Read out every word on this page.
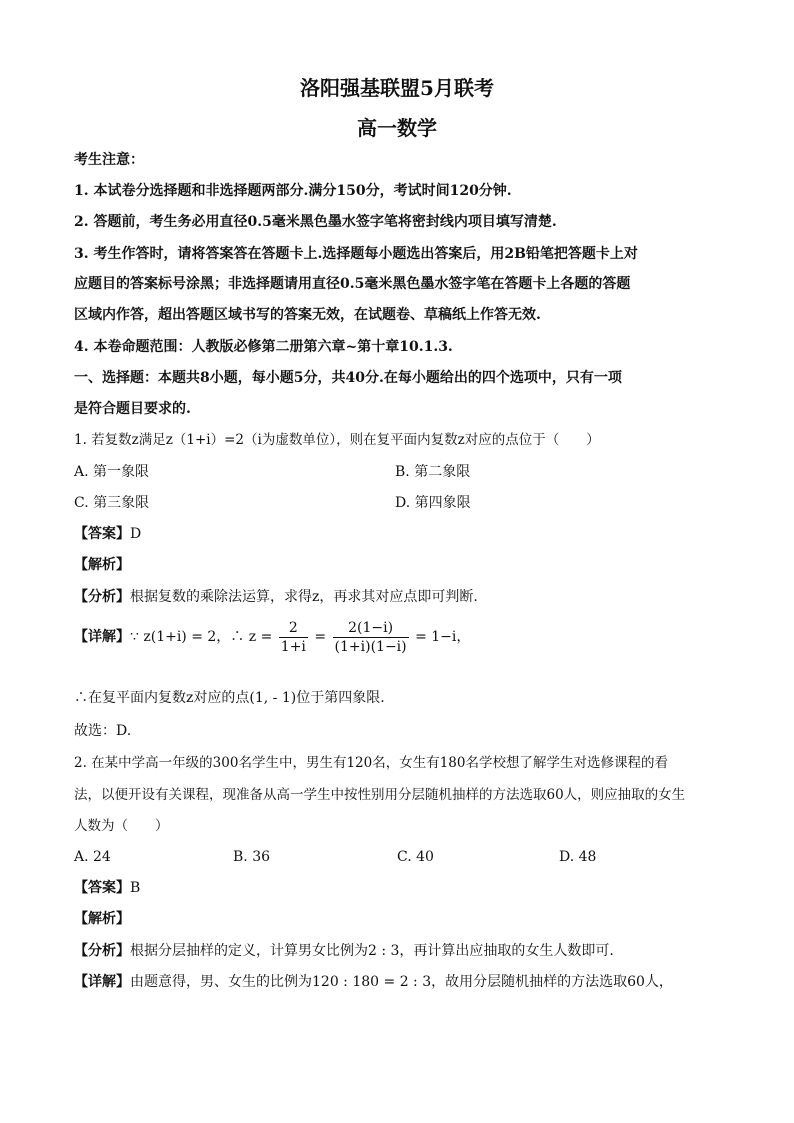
洛阳强基联盟5月联考
高一数学
考生注意：
1. 本试卷分选择题和非选择题两部分.满分150分，考试时间120分钟.
2. 答题前，考生务必用直径0.5毫米黑色墨水签字笔将密封线内项目填写清楚.
3. 考生作答时，请将答案答在答题卡上.选择题每小题选出答案后，用2B铅笔把答题卡上对
应题目的答案标号涂黑；非选择题请用直径0.5毫米黑色墨水签字笔在答题卡上各题的答题
区域内作答，超出答题区域书写的答案无效，在试题卷、草稿纸上作答无效.
4. 本卷命题范围：人教版必修第二册第六章~第十章10.1.3.
一、选择题：本题共8小题，每小题5分，共40分.在每小题给出的四个选项中，只有一项
是符合题目要求的.
1. 若复数z满足z（1+i）=2（i为虚数单位），则在复平面内复数z对应的点位于（　　）
A. 第一象限	B. 第二象限
C. 第三象限	D. 第四象限
【答案】D
【解析】
【分析】根据复数的乘除法运算，求得z，再求其对应点即可判断.
【详解】∵ z(1+i) = 2，∴ $z = \frac{2}{1+i} = \frac{2(1-i)}{(1+i)(1-i)} = 1-i$，
∴在复平面内复数z对应的点(1, - 1)位于第四象限.
故选：D.
2. 在某中学高一年级的300名学生中，男生有120名，女生有180名学校想了解学生对选修课程的看
法，以便开设有关课程，现准备从高一学生中按性别用分层随机抽样的方法选取60人，则应抽取的女生
人数为（　　）
A. 24	B. 36	C. 40	D. 48
【答案】B
【解析】
【分析】根据分层抽样的定义，计算男女比例为2 : 3，再计算出应抽取的女生人数即可.
【详解】由题意得，男、女生的比例为120 : 180 = 2 : 3，故用分层随机抽样的方法选取60人，
